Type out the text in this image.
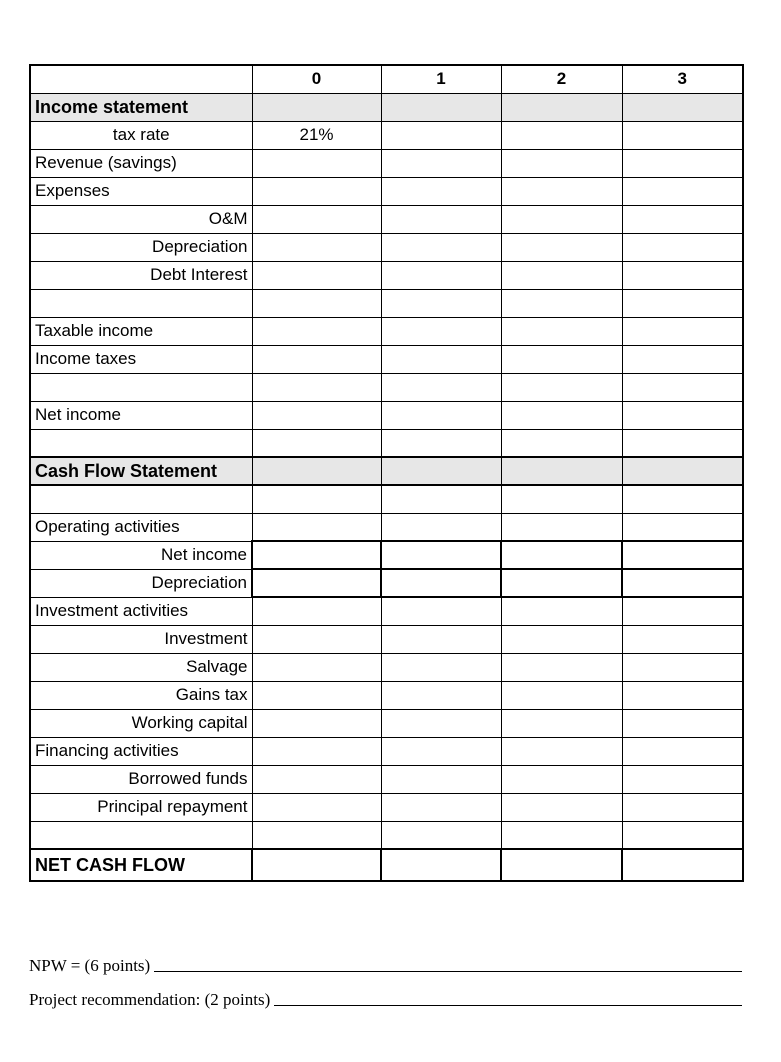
	0	1	2	3
Income statement				
tax rate	21%			
Revenue (savings)				
Expenses				
O&M				
Depreciation				
Debt Interest				

Taxable income				
Income taxes				

Net income				

Cash Flow Statement				

Operating activities				
Net income				
Depreciation				
Investment activities				
Investment				
Salvage				
Gains tax				
Working capital				
Financing activities				
Borrowed funds				
Principal repayment				

NET CASH FLOW				
NPW = (6 points)
Project recommendation: (2 points)
